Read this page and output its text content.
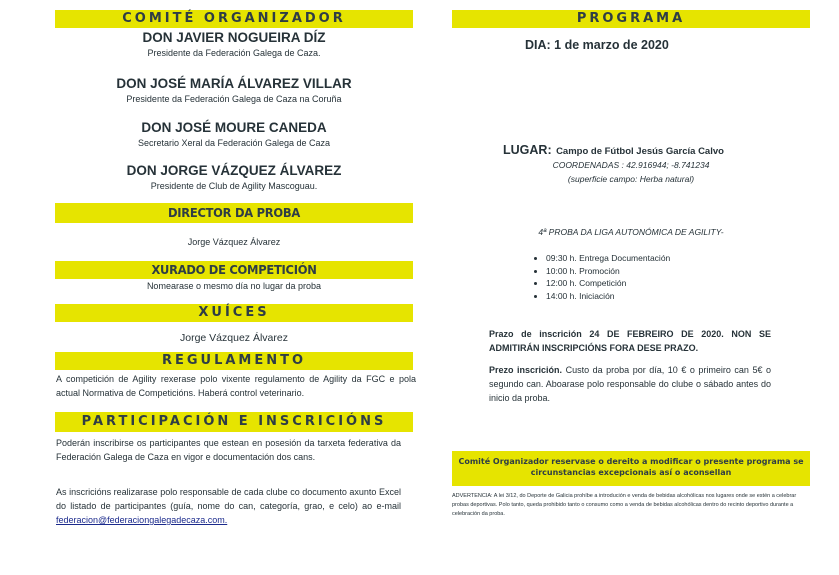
COMITÉ ORGANIZADOR
DON JAVIER NOGUEIRA DÍZ
Presidente da Federación Galega de Caza.
DON JOSÉ MARÍA ÁLVAREZ VILLAR
Presidente da Federación Galega de Caza na Coruña
DON JOSÉ MOURE CANEDA
Secretario Xeral da Federación Galega de Caza
DON JORGE VÁZQUEZ ÁLVAREZ
Presidente de Club de Agility Mascoguau.
DIRECTOR DA PROBA
Jorge Vázquez Álvarez
XURADO DE COMPETICIÓN
Nomearase o mesmo día no lugar da proba
XUÍCES
Jorge Vázquez Álvarez
REGULAMENTO
A competición de Agility rexerase polo vixente regulamento de Agility da FGC e pola actual Normativa de Competicións. Haberá control veterinario.
PARTICIPACIÓN E INSCRICIÓNS
Poderán inscribirse os participantes que estean en posesión da tarxeta federativa da Federación Galega de Caza en vigor e documentación dos cans.
As inscricións realizarase polo responsable de cada clube co documento axunto Excel do listado de participantes (guía, nome do can, categoría, grao, e celo) ao e-mail federacion@federaciongalegadecaza.com.
PROGRAMA
DIA: 1 de marzo de 2020
LUGAR: Campo de Fútbol Jesús García Calvo
COORDENADAS : 42.916944; -8.741234
(superficie campo: Herba natural)
4ª PROBA DA LIGA AUTONÓMICA DE AGILITY-
• 09:30 h. Entrega Documentación
• 10:00 h. Promoción
• 12:00 h. Competición
• 14:00 h. Iniciación
Prazo de inscrición 24 DE FEBREIRO DE 2020. NON SE ADMITIRÁN INSCRIPCIÓNS FORA DESE PRAZO.
Prezo inscrición. Custo da proba por día, 10 € o primeiro can 5€ o segundo can. Aboarase polo responsable do clube o sábado antes do inicio da proba.
Comité Organizador reservase o dereito a modificar o presente programa se circunstancias excepcionais así o aconsellan
ADVERTENCIA: A lei 3/12, do Deporte de Galicia prohíbe a introdución e venda de bebidas alcohólicas nos lugares onde se estén a celebrar probas deportivas. Polo tanto, queda prohibido tanto o consumo como a venda de bebidas alcohólicas dentro do recinto deportivo durante a celebración da proba.
